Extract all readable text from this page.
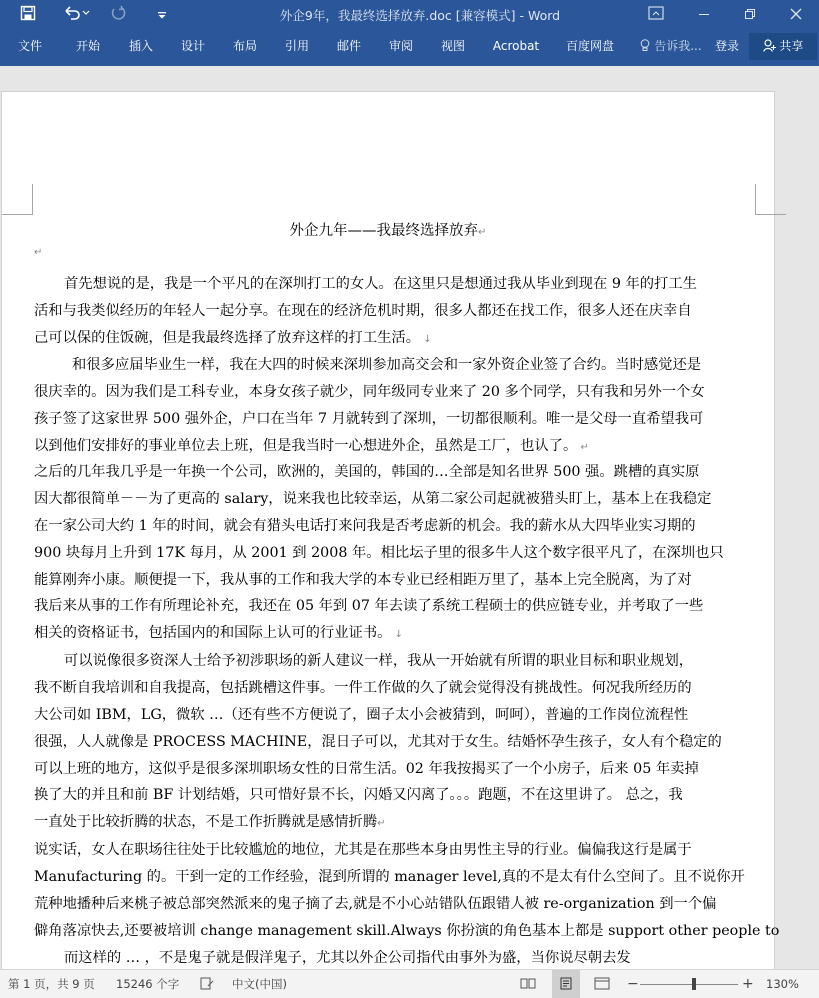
外企9年，我最终选择放弃.doc [兼容模式] - Word
文件	开始	插入	设计	布局	引用	邮件	审阅	视图	Acrobat	百度网盘	告诉我...	登录	共享
外企九年——我最终选择放弃↵
↵
首先想说的是，我是一个平凡的在深圳打工的女人。在这里只是想通过我从毕业到现在 9 年的打工生
活和与我类似经历的年轻人一起分享。在现在的经济危机时期，很多人都还在找工作，很多人还在庆幸自
己可以保的住饭碗，但是我最终选择了放弃这样的打工生活。 ↓
和很多应届毕业生一样，我在大四的时候来深圳参加高交会和一家外资企业签了合约。当时感觉还是
很庆幸的。因为我们是工科专业，本身女孩子就少，同年级同专业来了 20 多个同学，只有我和另外一个女
孩子签了这家世界 500 强外企，户口在当年 7 月就转到了深圳，一切都很顺利。唯一是父母一直希望我可
以到他们安排好的事业单位去上班，但是我当时一心想进外企，虽然是工厂，也认了。 ↵
之后的几年我几乎是一年换一个公司，欧洲的，美国的，韩国的…全部是知名世界 500 强。跳槽的真实原
因大都很简单－－为了更高的 salary，说来我也比较幸运，从第二家公司起就被猎头盯上，基本上在我稳定
在一家公司大约 1 年的时间，就会有猎头电话打来问我是否考虑新的机会。我的薪水从大四毕业实习期的
900 块每月上升到 17K 每月，从 2001 到 2008 年。相比坛子里的很多牛人这个数字很平凡了，在深圳也只
能算刚奔小康。顺便提一下，我从事的工作和我大学的本专业已经相距万里了，基本上完全脱离，为了对
我后来从事的工作有所理论补充，我还在 05 年到 07 年去读了系统工程硕士的供应链专业，并考取了一些
相关的资格证书，包括国内的和国际上认可的行业证书。 ↓
可以说像很多资深人士给予初涉职场的新人建议一样，我从一开始就有所谓的职业目标和职业规划，
我不断自我培训和自我提高，包括跳槽这件事。一件工作做的久了就会觉得没有挑战性。何况我所经历的
大公司如 IBM，LG，微软 …（还有些不方便说了，圈子太小会被猜到，呵呵），普遍的工作岗位流程性
很强，人人就像是 PROCESS MACHINE，混日子可以，尤其对于女生。结婚怀孕生孩子，女人有个稳定的
可以上班的地方，这似乎是很多深圳职场女性的日常生活。02 年我按揭买了一个小房子，后来 05 年卖掉
换了大的并且和前 BF 计划结婚，只可惜好景不长，闪婚又闪离了。。。跑题，不在这里讲了。 总之，我
一直处于比较折腾的状态，不是工作折腾就是感情折腾↵
说实话，女人在职场往往处于比较尴尬的地位，尤其是在那些本身由男性主导的行业。偏偏我这行是属于
Manufacturing 的。干到一定的工作经验，混到所谓的 manager level,真的不是太有什么空间了。且不说你开
荒种地播种后来桃子被总部突然派来的鬼子摘了去,就是不小心站错队伍跟错人被 re-organization 到一个偏
僻角落凉快去,还要被培训 change management skill.Always 你扮演的角色基本上都是 support other people to
而这样的 … ，不是鬼子就是假洋鬼子，尤其以外企公司指代由事外为盛，当你说尽朝去发
第 1 页，共 9 页 15246 个字	中文(中国)	−	+ 130%
